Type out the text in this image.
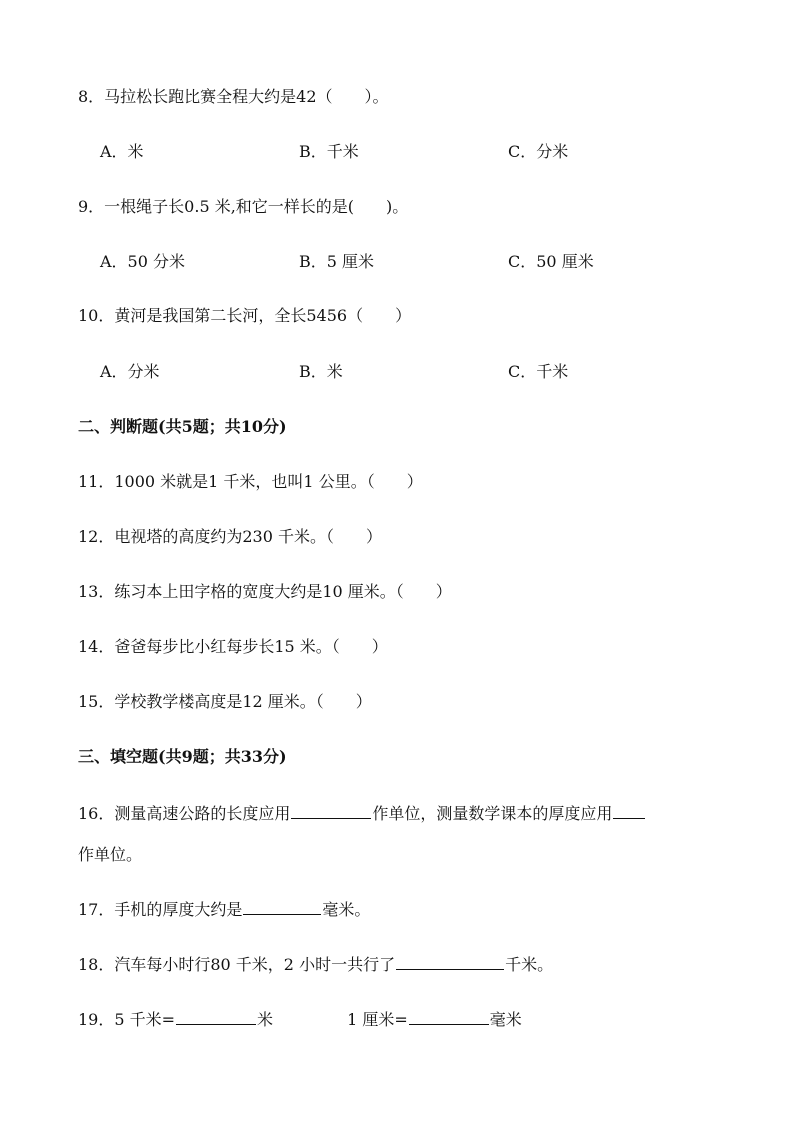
8．马拉松长跑比赛全程大约是42（　　）。
A．米	B．千米	C．分米
9．一根绳子长0.5 米,和它一样长的是(　　)。
A．50 分米	B．5 厘米	C．50 厘米
10．黄河是我国第二长河，全长5456（　　）
A．分米	B．米	C．千米
二、判断题(共5题；共10分)
11．1000 米就是1 千米，也叫1 公里。（　　）
12．电视塔的高度约为230 千米。（　　）
13．练习本上田字格的宽度大约是10 厘米。（　　）
14．爸爸每步比小红每步长15 米。（　　）
15．学校教学楼高度是12 厘米。（　　）
三、填空题(共9题；共33分)
16．测量高速公路的长度应用	作单位，测量数学课本的厚度应用
作单位。
17．手机的厚度大约是	毫米。
18．汽车每小时行80 千米，2 小时一共行了	千米。
19．5 千米=	米	1 厘米=	毫米
